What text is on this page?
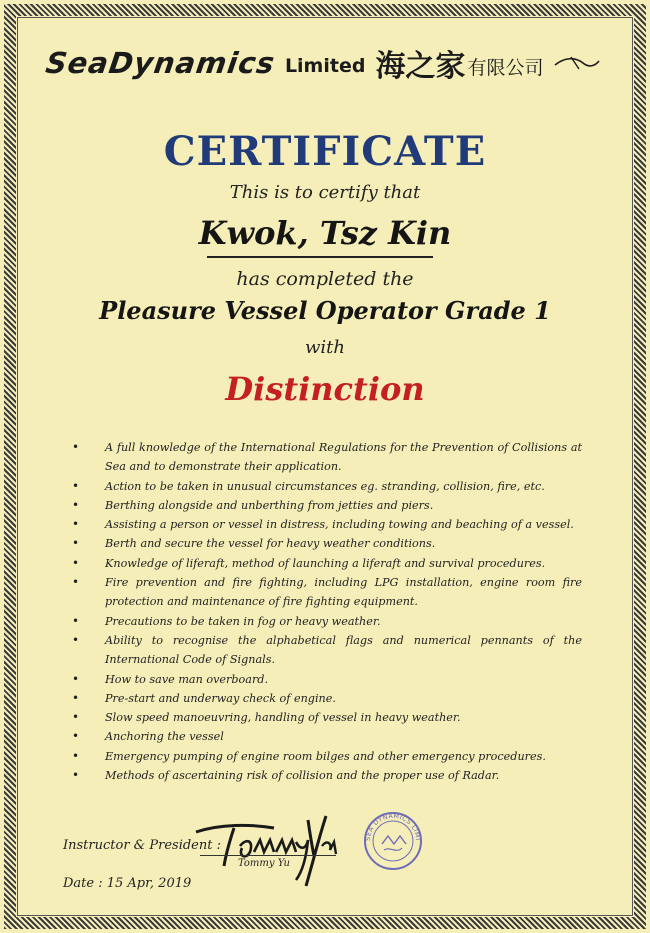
SeaDynamics Limited 海之家 有限公司
CERTIFICATE
This is to certify that
Kwok, Tsz Kin
has completed the
Pleasure Vessel Operator Grade 1
with
Distinction
• A full knowledge of the International Regulations for the Prevention of Collisions at Sea and to demonstrate their application.
• Action to be taken in unusual circumstances eg. stranding, collision, fire, etc.
• Berthing alongside and unberthing from jetties and piers.
• Assisting a person or vessel in distress, including towing and beaching of a vessel.
• Berth and secure the vessel for heavy weather conditions.
• Knowledge of liferaft, method of launching a liferaft and survival procedures.
• Fire prevention and fire fighting, including LPG installation, engine room fire protection and maintenance of fire fighting equipment.
• Precautions to be taken in fog or heavy weather.
• Ability to recognise the alphabetical flags and numerical pennants of the International Code of Signals.
• How to save man overboard.
• Pre-start and underway check of engine.
• Slow speed manoeuvring, handling of vessel in heavy weather.
• Anchoring the vessel
• Emergency pumping of engine room bilges and other emergency procedures.
• Methods of ascertaining risk of collision and the proper use of Radar.
Instructor & President :
Tommy Yu
SEA DYNAMICS LIMI
Date : 15 Apr, 2019
